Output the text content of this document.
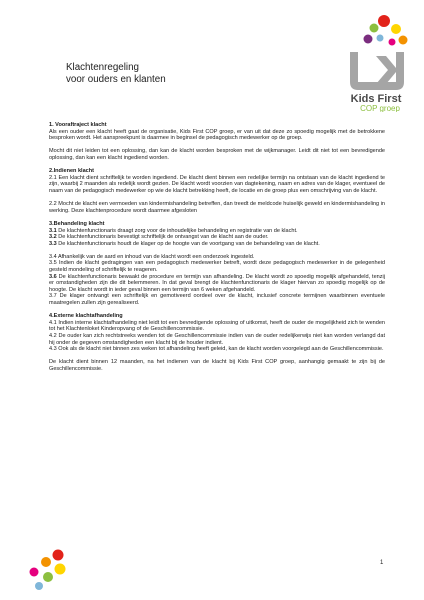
Kids First
COP groep
Klachtenregeling
voor ouders en klanten

1. Vooraftraject klacht

Als een ouder een klacht heeft gaat de organisatie, Kids First COP groep, er van uit dat deze zo spoedig mogelijk met de betrokkene besproken wordt. Het aanspreekpunt is daarmee in beginsel de pedagogisch medewerker op de groep.

Mocht dit niet leiden tot een oplossing, dan kan de klacht worden besproken met de wijkmanager. Leidt dit niet tot een bevredigende oplossing, dan kan een klacht ingediend worden.

2.Indienen klacht

2.1 Een klacht dient schriftelijk te worden ingediend. De klacht dient binnen een redelijke termijn na ontstaan van de klacht ingediend te zijn, waarbij 2 maanden als redelijk wordt gezien. De klacht wordt voorzien van dagtekening, naam en adres van de klager, eventueel de naam van de pedagogisch medewerker op wie de klacht betrekking heeft, de locatie en de groep plus een omschrijving van de klacht.

2.2 Mocht de klacht een vermoeden van kindermishandeling betreffen, dan treedt de meldcode huiselijk geweld en kindermishandeling in werking. Deze klachtenprocedure wordt daarmee afgesloten

3.Behandeling klacht

3.1 De klachtenfunctionaris draagt zorg voor de inhoudelijke behandeling en registratie van de klacht.

3.2 De klachtenfunctionaris bevestigt schriftelijk de ontvangst van de klacht aan de ouder.

3.3 De klachtenfunctionaris houdt de klager op de hoogte van de voortgang van de behandeling van de klacht.

3.4 Afhankelijk van de aard en inhoud van de klacht wordt een onderzoek ingesteld.

3.5 Indien de klacht gedragingen van een pedagogisch medewerker betreft, wordt deze pedagogisch medewerker in de gelegenheid gesteld mondeling of schriftelijk te reageren.

3.6 De klachtenfunctionaris bewaakt de procedure en termijn van afhandeling. De klacht wordt zo spoedig mogelijk afgehandeld, tenzij er omstandigheden zijn die dit belemmeren. In dat geval brengt de klachtenfunctionaris de klager hiervan zo spoedig mogelijk op de hoogte. De klacht wordt in ieder geval binnen een termijn van 6 weken afgehandeld.

3.7 De klager ontvangt een schriftelijk en gemotiveerd oordeel over de klacht, inclusief concrete termijnen waarbinnen eventuele maatregelen zullen zijn gerealiseerd.

4.Externe klachtafhandeling

4.1 Indien interne klachtafhandeling niet leidt tot een bevredigende oplossing of uitkomst, heeft de ouder de mogelijkheid zich te wenden tot het Klachtenloket Kinderopvang of de Geschillencommissie.

4.2 De ouder kan zich rechtstreeks wenden tot de Geschillencommissie indien van de ouder redelijkerwijs niet kan worden verlangd dat hij onder de gegeven omstandigheden een klacht bij de houder indient.

4.3 Ook als de klacht niet binnen zes weken tot afhandeling heeft geleid, kan de klacht worden voorgelegd aan de Geschillencommissie.

De klacht dient binnen 12 maanden, na het indienen van de klacht bij Kids First COP groep, aanhangig gemaakt te zijn bij de Geschillencommissie.

1
